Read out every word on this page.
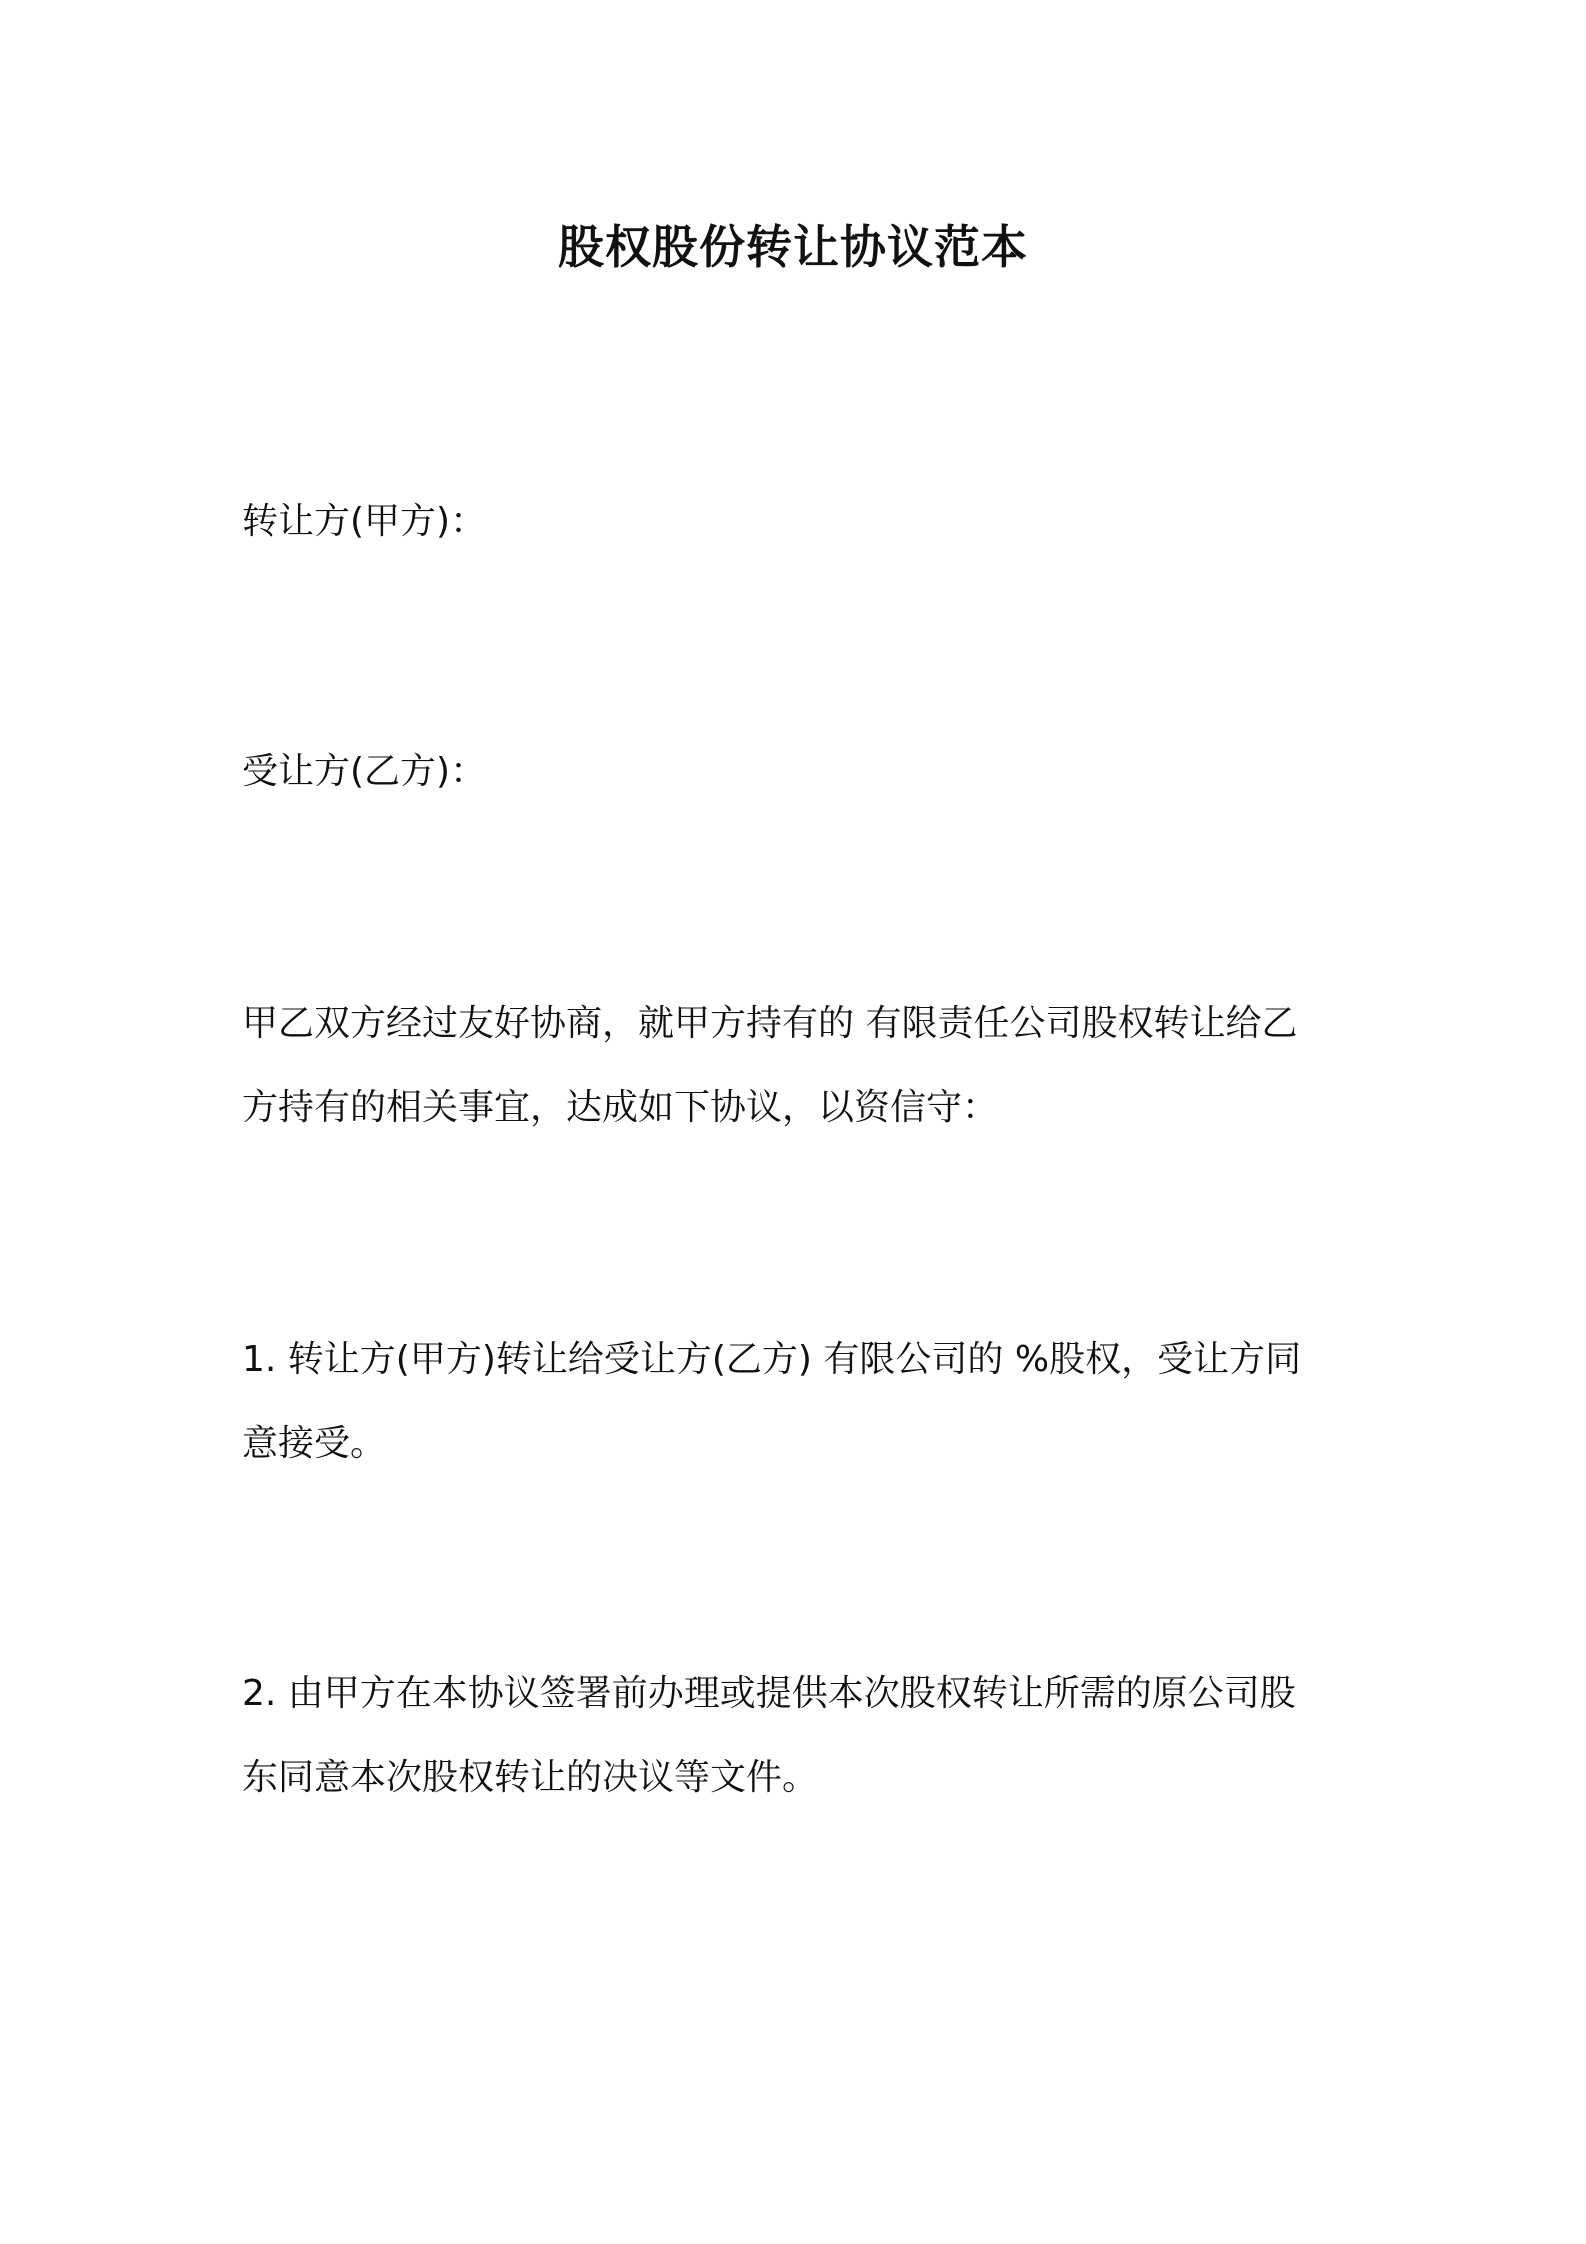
股权股份转让协议范本
转让方(甲方)：
受让方(乙方)：
甲乙双方经过友好协商，就甲方持有的 有限责任公司股权转让给乙
方持有的相关事宜，达成如下协议，以资信守：
1. 转让方(甲方)转让给受让方(乙方) 有限公司的 %股权，受让方同
意接受。
2. 由甲方在本协议签署前办理或提供本次股权转让所需的原公司股
东同意本次股权转让的决议等文件。
